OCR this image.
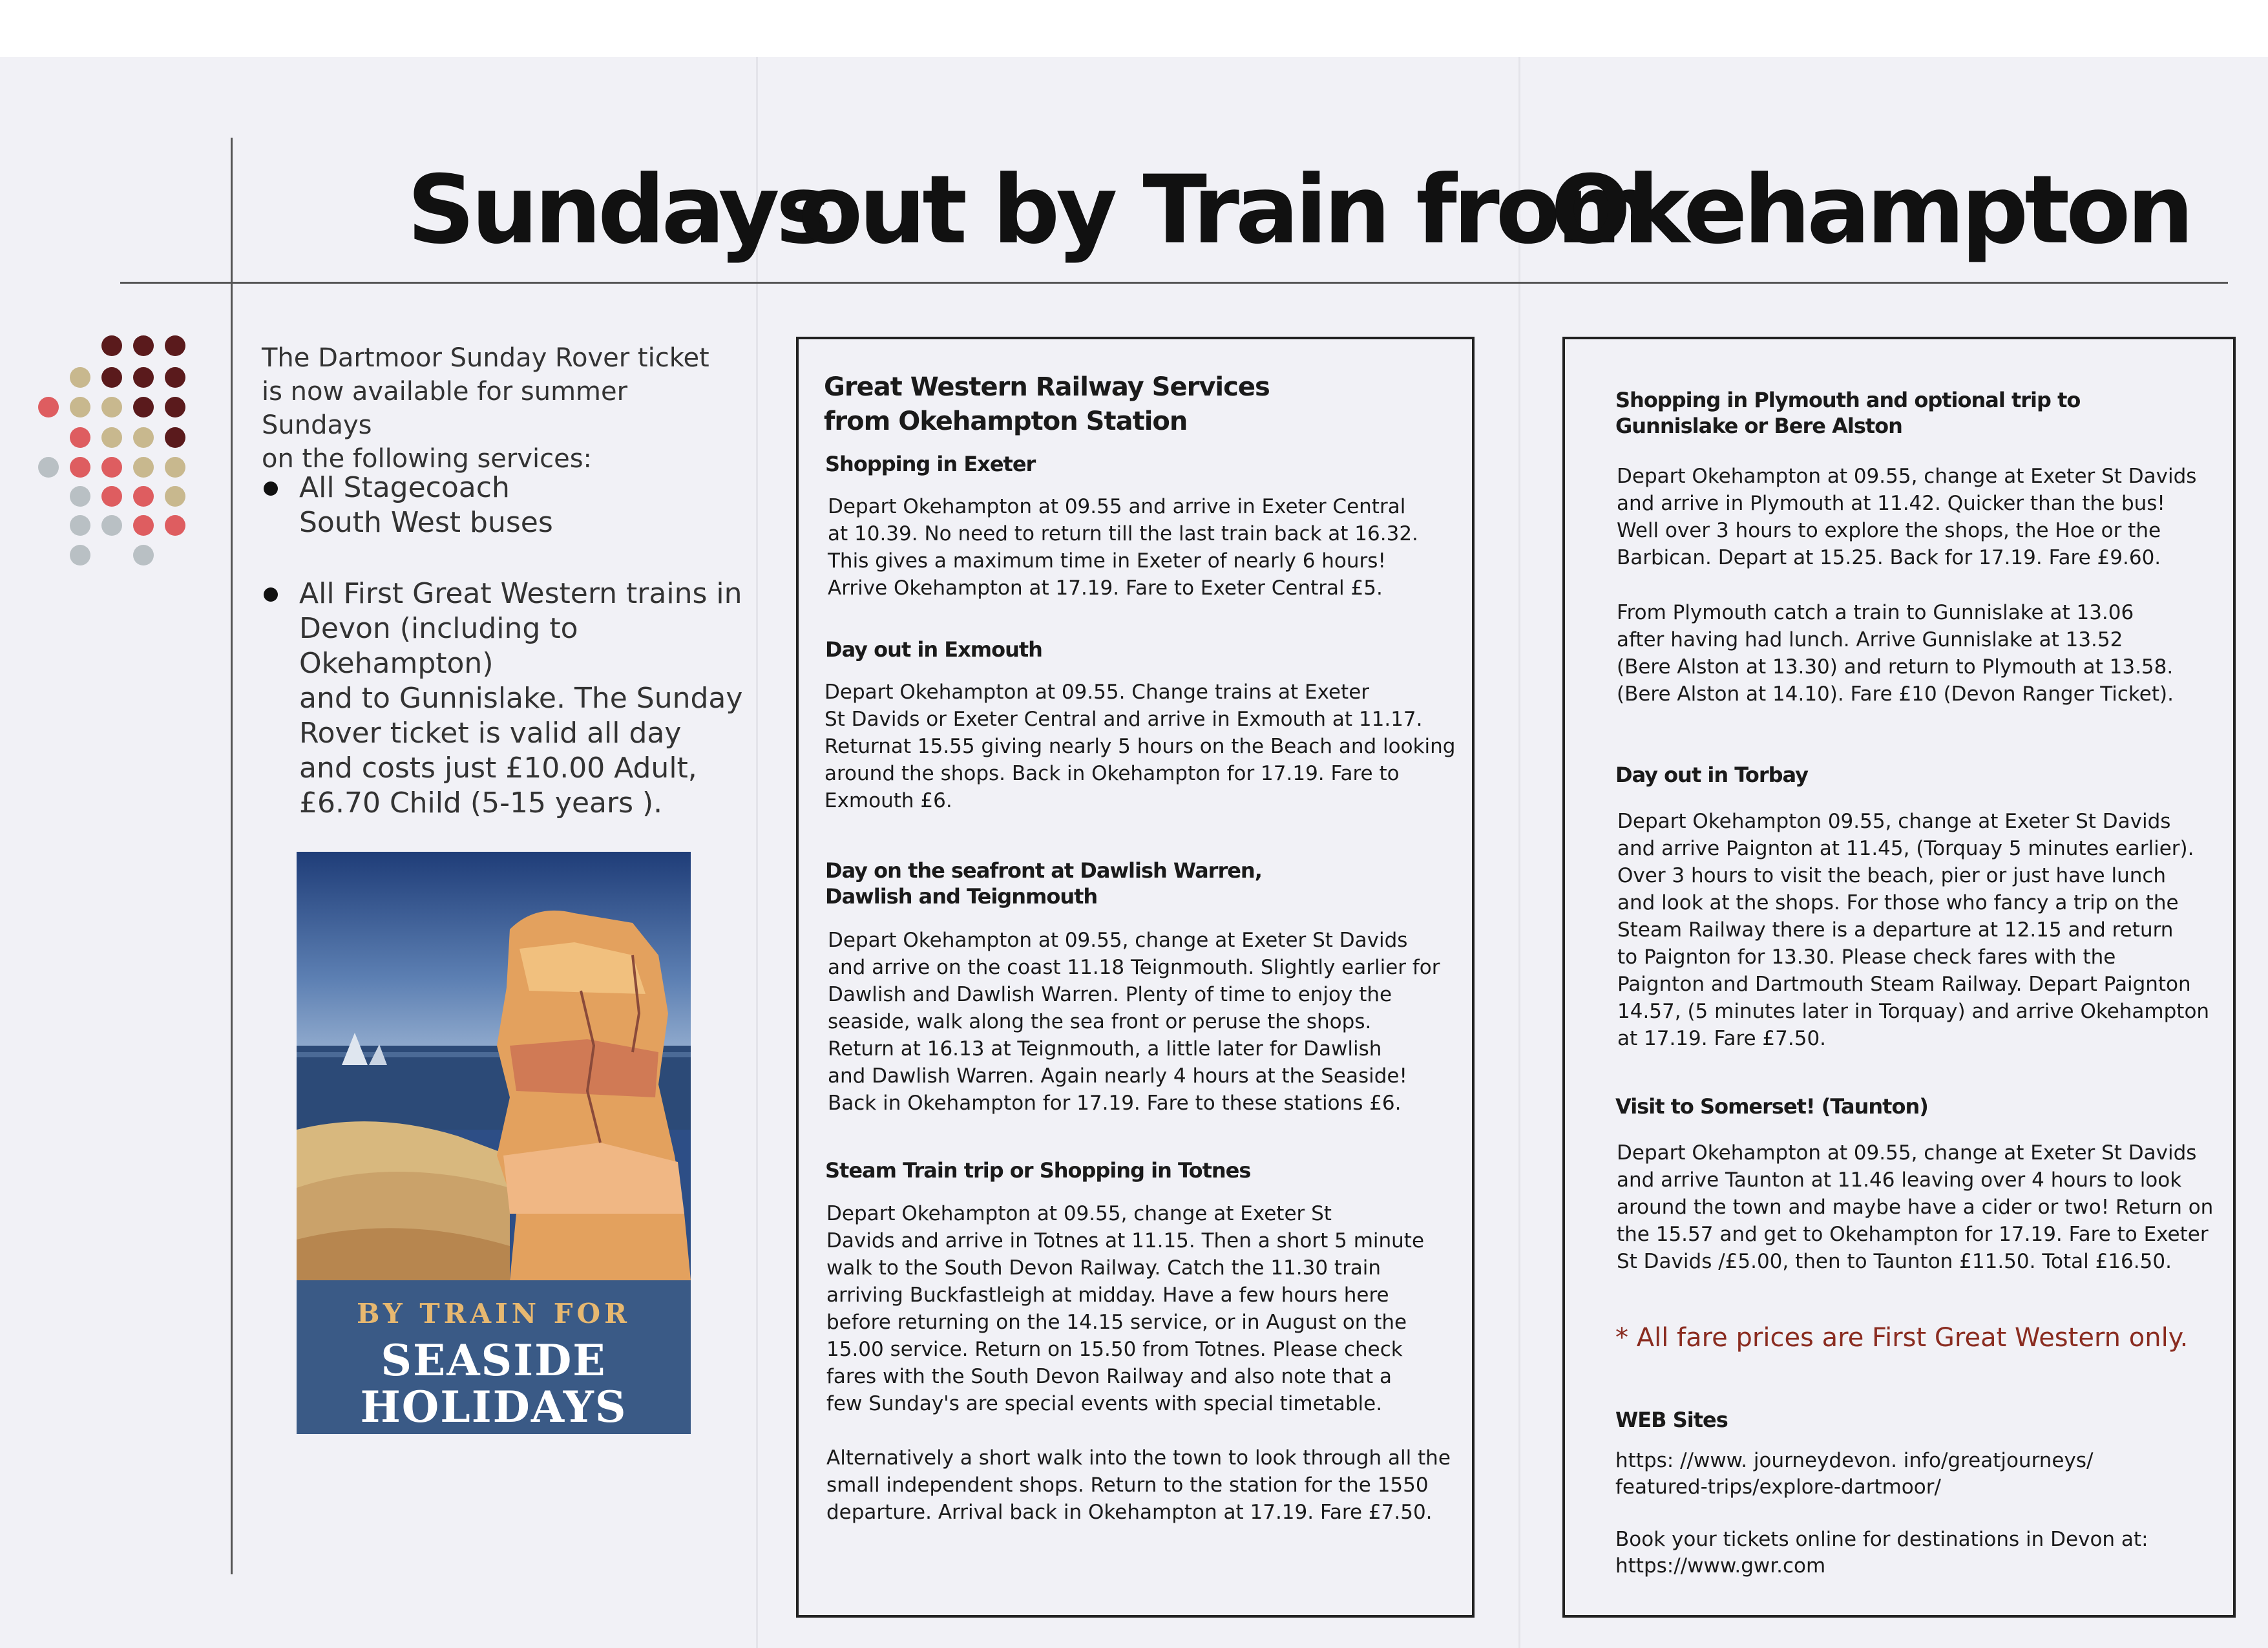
Sundays
out by Train from
Okehampton
The Dartmoor Sunday Rover ticket
is now available for summer Sundays
on the following services:
All Stagecoach
South West buses
All First Great Western trains in
Devon (including to Okehampton)
and to Gunnislake. The Sunday
Rover ticket is valid all day
and costs just £10.00 Adult,
£6.70 Child (5-15 years ).
BY TRAIN FOR
SEASIDE
HOLIDAYS
Great Western Railway Services
from Okehampton Station
Shopping in Exeter
Depart Okehampton at 09.55 and arrive in Exeter Central
at 10.39. No need to return till the last train back at 16.32.
This gives a maximum time in Exeter of nearly 6 hours!
Arrive Okehampton at 17.19. Fare to Exeter Central £5.
Day out in Exmouth
Depart Okehampton at 09.55. Change trains at Exeter
St Davids or Exeter Central and arrive in Exmouth at 11.17.
Returnat 15.55 giving nearly 5 hours on the Beach and looking
around the shops. Back in Okehampton for 17.19. Fare to
Exmouth £6.
Day on the seafront at Dawlish Warren,
Dawlish and Teignmouth
Depart Okehampton at 09.55, change at Exeter St Davids
and arrive on the coast 11.18 Teignmouth. Slightly earlier for
Dawlish and Dawlish Warren. Plenty of time to enjoy the
seaside, walk along the sea front or peruse the shops.
Return at 16.13 at Teignmouth, a little later for Dawlish
and Dawlish Warren. Again nearly 4 hours at the Seaside!
Back in Okehampton for 17.19. Fare to these stations £6.
Steam Train trip or Shopping in Totnes
Depart Okehampton at 09.55, change at Exeter St
Davids and arrive in Totnes at 11.15. Then a short 5 minute
walk to the South Devon Railway. Catch the 11.30 train
arriving Buckfastleigh at midday. Have a few hours here
before returning on the 14.15 service, or in August on the
15.00 service. Return on 15.50 from Totnes. Please check
fares with the South Devon Railway and also note that a
few Sunday's are special events with special timetable.
Alternatively a short walk into the town to look through all the
small independent shops. Return to the station for the 1550
departure. Arrival back in Okehampton at 17.19. Fare £7.50.
Shopping in Plymouth and optional trip to
Gunnislake or Bere Alston
Depart Okehampton at 09.55, change at Exeter St Davids
and arrive in Plymouth at 11.42. Quicker than the bus!
Well over 3 hours to explore the shops, the Hoe or the
Barbican. Depart at 15.25. Back for 17.19. Fare £9.60.
From Plymouth catch a train to Gunnislake at 13.06
after having had lunch. Arrive Gunnislake at 13.52
(Bere Alston at 13.30) and return to Plymouth at 13.58.
(Bere Alston at 14.10). Fare £10 (Devon Ranger Ticket).
Day out in Torbay
Depart Okehampton 09.55, change at Exeter St Davids
and arrive Paignton at 11.45, (Torquay 5 minutes earlier).
Over 3 hours to visit the beach, pier or just have lunch
and look at the shops. For those who fancy a trip on the
Steam Railway there is a departure at 12.15 and return
to Paignton for 13.30. Please check fares with the
Paignton and Dartmouth Steam Railway. Depart Paignton
14.57, (5 minutes later in Torquay) and arrive Okehampton
at 17.19. Fare £7.50.
Visit to Somerset! (Taunton)
Depart Okehampton at 09.55, change at Exeter St Davids
and arrive Taunton at 11.46 leaving over 4 hours to look
around the town and maybe have a cider or two! Return on
the 15.57 and get to Okehampton for 17.19. Fare to Exeter
St Davids /£5.00, then to Taunton £11.50. Total £16.50.
* All fare prices are First Great Western only.
WEB Sites
https: //www. journeydevon. info/greatjourneys/
featured-trips/explore-dartmoor/
Book your tickets online for destinations in Devon at:
https://www.gwr.com
